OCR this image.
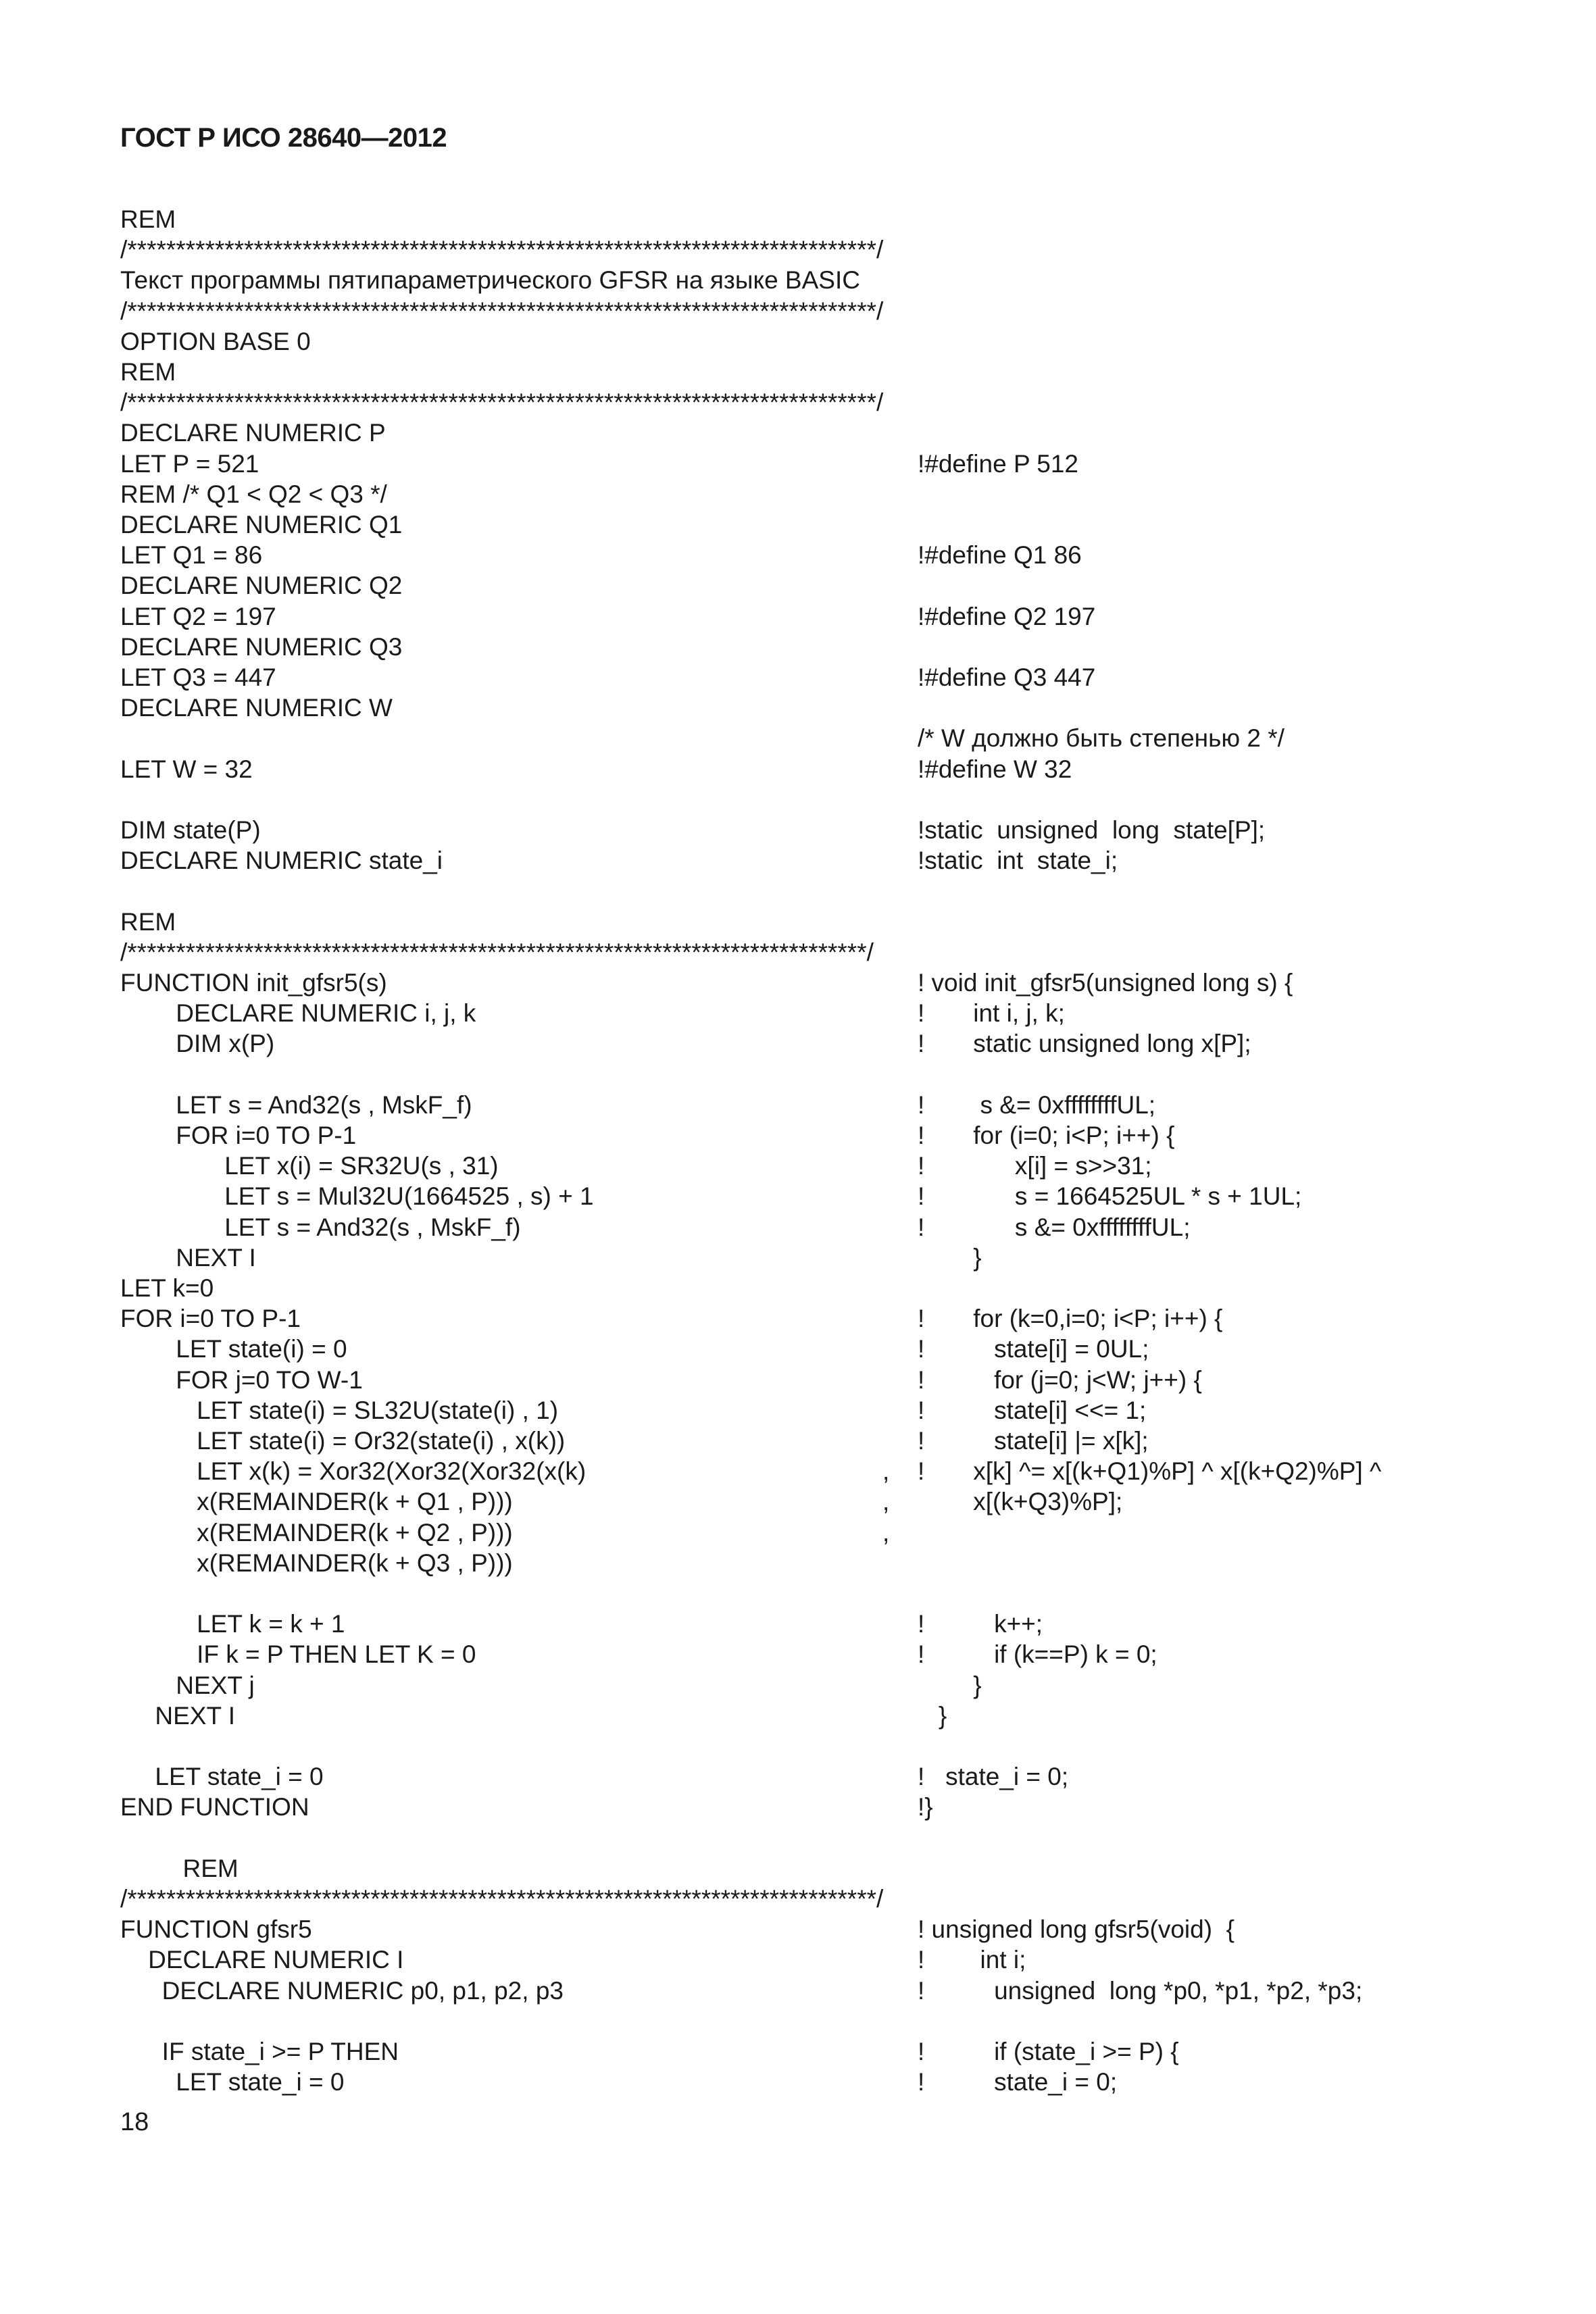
ГОСТ Р ИСО 28640—2012
REM
/*****************************************************************************/
Текст программы пятипараметрического GFSR на языке BASIC
/*****************************************************************************/
OPTION BASE 0
REM
/*****************************************************************************/
DECLARE NUMERIC P
LET P = 521	!#define P 512
REM /* Q1 < Q2 < Q3 */
DECLARE NUMERIC Q1
LET Q1 = 86	!#define Q1 86
DECLARE NUMERIC Q2
LET Q2 = 197	!#define Q2 197
DECLARE NUMERIC Q3
LET Q3 = 447	!#define Q3 447
DECLARE NUMERIC W
/* W должно быть степенью 2 */
LET W = 32	!#define W 32
DIM state(P)	!static  unsigned  long  state[P];
DECLARE NUMERIC state_i	!static  int  state_i;
REM
/****************************************************************************/
FUNCTION init_gfsr5(s)	! void init_gfsr5(unsigned long s) {
DECLARE NUMERIC i, j, k	!       int i, j, k;
DIM x(P)	!       static unsigned long x[P];
LET s = And32(s , MskF_f)	!        s &= 0xffffffffUL;
FOR i=0 TO P-1	!       for (i=0; i<P; i++) {
LET x(i) = SR32U(s , 31)	!             x[i] = s>>31;
LET s = Mul32U(1664525 , s) + 1	!             s = 1664525UL * s + 1UL;
LET s = And32(s , MskF_f)	!             s &= 0xffffffffUL;
NEXT I	}
LET k=0
FOR i=0 TO P-1	!       for (k=0,i=0; i<P; i++) {
LET state(i) = 0	!          state[i] = 0UL;
FOR j=0 TO W-1	!          for (j=0; j<W; j++) {
LET state(i) = SL32U(state(i) , 1)	!          state[i] <<= 1;
LET state(i) = Or32(state(i) , x(k))	!          state[i] |= x[k];
LET x(k) = Xor32(Xor32(Xor32(x(k)	, !       x[k] ^= x[(k+Q1)%P] ^ x[(k+Q2)%P] ^
x(REMAINDER(k + Q1 , P)))	, x[(k+Q3)%P];
x(REMAINDER(k + Q2 , P)))	,
x(REMAINDER(k + Q3 , P)))
LET k = k + 1	!          k++;
IF k = P THEN LET K = 0	!          if (k==P) k = 0;
NEXT j	}
NEXT I	}
LET state_i = 0	!   state_i = 0;
END FUNCTION	!}
REM
/*****************************************************************************/
FUNCTION gfsr5	! unsigned long gfsr5(void)  {
DECLARE NUMERIC I	!        int i;
DECLARE NUMERIC p0, p1, p2, p3	!          unsigned  long *p0, *p1, *p2, *p3;
IF state_i >= P THEN	!          if (state_i >= P) {
LET state_i = 0	!          state_i = 0;
18
